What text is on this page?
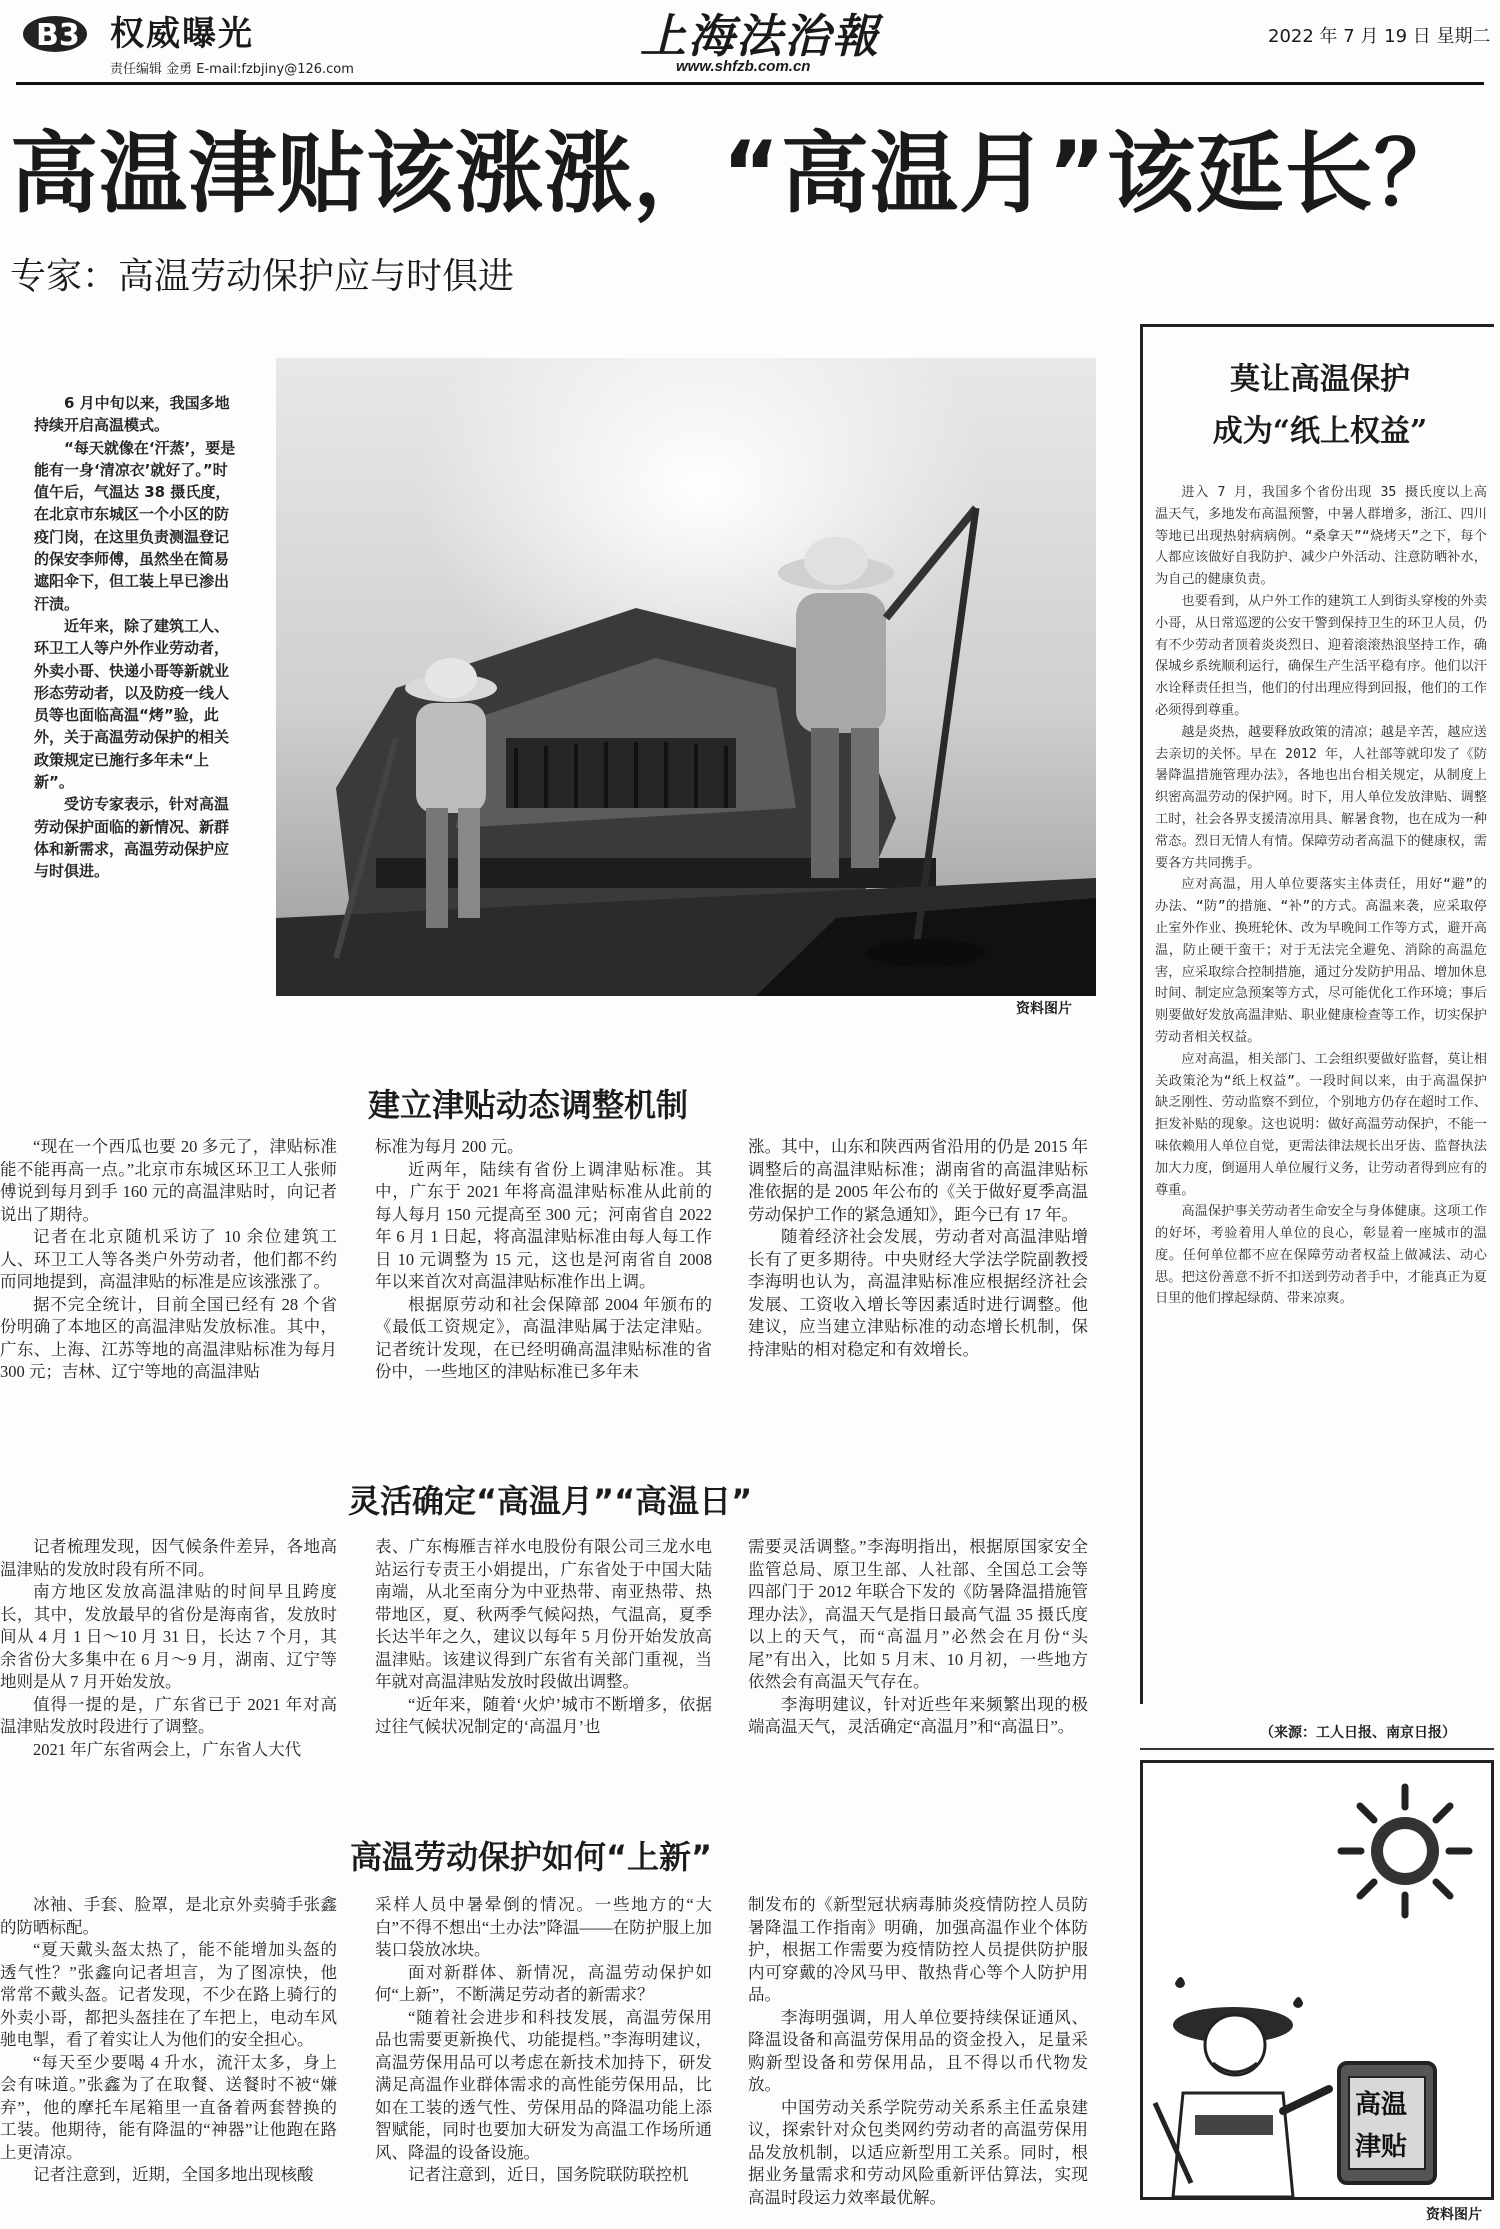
B3 权威曝光
责任编辑 金勇 E-mail:fzbjiny@126.com
上海法治報
www.shfzb.com.cn
2022 年 7 月 19 日 星期二
高温津贴该涨涨，“高温月”该延长？
专家：高温劳动保护应与时俱进

6 月中旬以来，我国多地持续开启高温模式。

“每天就像在‘汗蒸’，要是能有一身‘清凉衣’就好了。”时值午后，气温达 38 摄氏度，在北京市东城区一个小区的防疫门岗，在这里负责测温登记的保安李师傅，虽然坐在简易遮阳伞下，但工装上早已渗出汗渍。

近年来，除了建筑工人、环卫工人等户外作业劳动者，外卖小哥、快递小哥等新就业形态劳动者，以及防疫一线人员等也面临高温“烤”验，此外，关于高温劳动保护的相关政策规定已施行多年未“上新”。

受访专家表示，针对高温劳动保护面临的新情况、新群体和新需求，高温劳动保护应与时俱进。

资料图片
建立津贴动态调整机制

“现在一个西瓜也要 20 多元了，津贴标准能不能再高一点。”北京市东城区环卫工人张师傅说到每月到手 160 元的高温津贴时，向记者说出了期待。

记者在北京随机采访了 10 余位建筑工人、环卫工人等各类户外劳动者，他们都不约而同地提到，高温津贴的标准是应该涨涨了。

据不完全统计，目前全国已经有 28 个省份明确了本地区的高温津贴发放标准。其中，广东、上海、江苏等地的高温津贴标准为每月 300 元；吉林、辽宁等地的高温津贴

标准为每月 200 元。

近两年，陆续有省份上调津贴标准。其中，广东于 2021 年将高温津贴标准从此前的每人每月 150 元提高至 300 元；河南省自 2022 年 6 月 1 日起，将高温津贴标准由每人每工作日 10 元调整为 15 元，这也是河南省自 2008 年以来首次对高温津贴标准作出上调。

根据原劳动和社会保障部 2004 年颁布的《最低工资规定》，高温津贴属于法定津贴。记者统计发现，在已经明确高温津贴标准的省份中，一些地区的津贴标准已多年未

涨。其中，山东和陕西两省沿用的仍是 2015 年调整后的高温津贴标准；湖南省的高温津贴标准依据的是 2005 年公布的《关于做好夏季高温劳动保护工作的紧急通知》，距今已有 17 年。

随着经济社会发展，劳动者对高温津贴增长有了更多期待。中央财经大学法学院副教授李海明也认为，高温津贴标准应根据经济社会发展、工资收入增长等因素适时进行调整。他建议，应当建立津贴标准的动态增长机制，保持津贴的相对稳定和有效增长。

灵活确定“高温月”“高温日”

记者梳理发现，因气候条件差异，各地高温津贴的发放时段有所不同。

南方地区发放高温津贴的时间早且跨度长，其中，发放最早的省份是海南省，发放时间从 4 月 1 日～10 月 31 日，长达 7 个月，其余省份大多集中在 6 月～9 月，湖南、辽宁等地则是从 7 月开始发放。

值得一提的是，广东省已于 2021 年对高温津贴发放时段进行了调整。

2021 年广东省两会上，广东省人大代

表、广东梅雁吉祥水电股份有限公司三龙水电站运行专责王小娟提出，广东省处于中国大陆南端，从北至南分为中亚热带、南亚热带、热带地区，夏、秋两季气候闷热，气温高，夏季长达半年之久，建议以每年 5 月份开始发放高温津贴。该建议得到广东省有关部门重视，当年就对高温津贴发放时段做出调整。

“近年来，随着‘火炉’城市不断增多，依据过往气候状况制定的‘高温月’也

需要灵活调整。”李海明指出，根据原国家安全监管总局、原卫生部、人社部、全国总工会等四部门于 2012 年联合下发的《防暑降温措施管理办法》，高温天气是指日最高气温 35 摄氏度以上的天气，而“高温月”必然会在月份“头尾”有出入，比如 5 月末、10 月初，一些地方依然会有高温天气存在。

李海明建议，针对近些年来频繁出现的极端高温天气，灵活确定“高温月”和“高温日”。

高温劳动保护如何“上新”

冰袖、手套、脸罩，是北京外卖骑手张鑫的防晒标配。

“夏天戴头盔太热了，能不能增加头盔的透气性？”张鑫向记者坦言，为了图凉快，他常常不戴头盔。记者发现，不少在路上骑行的外卖小哥，都把头盔挂在了车把上，电动车风驰电掣，看了着实让人为他们的安全担心。

“每天至少要喝 4 升水，流汗太多，身上会有味道。”张鑫为了在取餐、送餐时不被“嫌弃”，他的摩托车尾箱里一直备着两套替换的工装。他期待，能有降温的“神器”让他跑在路上更清凉。

记者注意到，近期，全国多地出现核酸

采样人员中暑晕倒的情况。一些地方的“大白”不得不想出“土办法”降温——在防护服上加装口袋放冰块。

面对新群体、新情况，高温劳动保护如何“上新”，不断满足劳动者的新需求？

“随着社会进步和科技发展，高温劳保用品也需要更新换代、功能提档。”李海明建议，高温劳保用品可以考虑在新技术加持下，研发满足高温作业群体需求的高性能劳保用品，比如在工装的透气性、劳保用品的降温功能上添智赋能，同时也要加大研发为高温工作场所通风、降温的设备设施。

记者注意到，近日，国务院联防联控机

制发布的《新型冠状病毒肺炎疫情防控人员防暑降温工作指南》明确，加强高温作业个体防护，根据工作需要为疫情防控人员提供防护服内可穿戴的冷风马甲、散热背心等个人防护用品。

李海明强调，用人单位要持续保证通风、降温设备和高温劳保用品的资金投入，足量采购新型设备和劳保用品，且不得以币代物发放。

中国劳动关系学院劳动关系系主任孟泉建议，探索针对众包类网约劳动者的高温劳保用品发放机制，以适应新型用工关系。同时，根据业务量需求和劳动风险重新评估算法，实现高温时段运力效率最优解。

莫让高温保护
成为“纸上权益”

进入 7 月，我国多个省份出现 35 摄氏度以上高温天气，多地发布高温预警，中暑人群增多，浙江、四川等地已出现热射病病例。“桑拿天”“烧烤天”之下，每个人都应该做好自我防护、减少户外活动、注意防晒补水，为自己的健康负责。

也要看到，从户外工作的建筑工人到街头穿梭的外卖小哥，从日常巡逻的公安干警到保持卫生的环卫人员，仍有不少劳动者顶着炎炎烈日、迎着滚滚热浪坚持工作，确保城乡系统顺利运行，确保生产生活平稳有序。他们以汗水诠释责任担当，他们的付出理应得到回报，他们的工作必须得到尊重。

越是炎热，越要释放政策的清凉；越是辛苦，越应送去亲切的关怀。早在 2012 年，人社部等就印发了《防暑降温措施管理办法》，各地也出台相关规定，从制度上织密高温劳动的保护网。时下，用人单位发放津贴、调整工时，社会各界支援清凉用具、解暑食物，也在成为一种常态。烈日无情人有情。保障劳动者高温下的健康权，需要各方共同携手。

应对高温，用人单位要落实主体责任，用好“避”的办法、“防”的措施、“补”的方式。高温来袭，应采取停止室外作业、换班轮休、改为早晚间工作等方式，避开高温，防止硬干蛮干；对于无法完全避免、消除的高温危害，应采取综合控制措施，通过分发防护用品、增加休息时间、制定应急预案等方式，尽可能优化工作环境；事后则要做好发放高温津贴、职业健康检查等工作，切实保护劳动者相关权益。

应对高温，相关部门、工会组织要做好监督，莫让相关政策沦为“纸上权益”。一段时间以来，由于高温保护缺乏刚性、劳动监察不到位，个别地方仍存在超时工作、拒发补贴的现象。这也说明：做好高温劳动保护，不能一味依赖用人单位自觉，更需法律法规长出牙齿、监督执法加大力度，倒逼用人单位履行义务，让劳动者得到应有的尊重。

高温保护事关劳动者生命安全与身体健康。这项工作的好坏，考验着用人单位的良心，彰显着一座城市的温度。任何单位都不应在保障劳动者权益上做减法、动心思。把这份善意不折不扣送到劳动者手中，才能真正为夏日里的他们撑起绿荫、带来凉爽。

（来源：工人日报、南京日报）
高温
津贴
资料图片
